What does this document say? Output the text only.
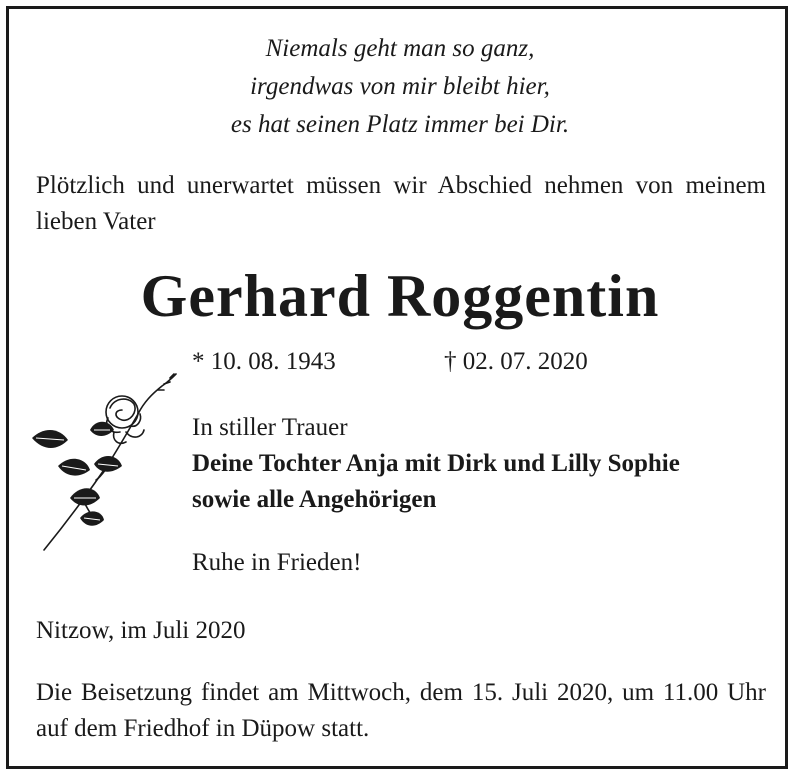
Niemals geht man so ganz,
irgendwas von mir bleibt hier,
es hat seinen Platz immer bei Dir.
Plötzlich und unerwartet müssen wir Abschied nehmen von meinem lieben Vater
Gerhard Roggentin
* 10. 08. 1943	† 02. 07. 2020
In stiller Trauer
Deine Tochter Anja mit Dirk und Lilly Sophie
sowie alle Angehörigen
Ruhe in Frieden!
Nitzow, im Juli 2020
Die Beisetzung findet am Mittwoch, dem 15. Juli 2020, um 11.00 Uhr auf dem Friedhof in Düpow statt.
